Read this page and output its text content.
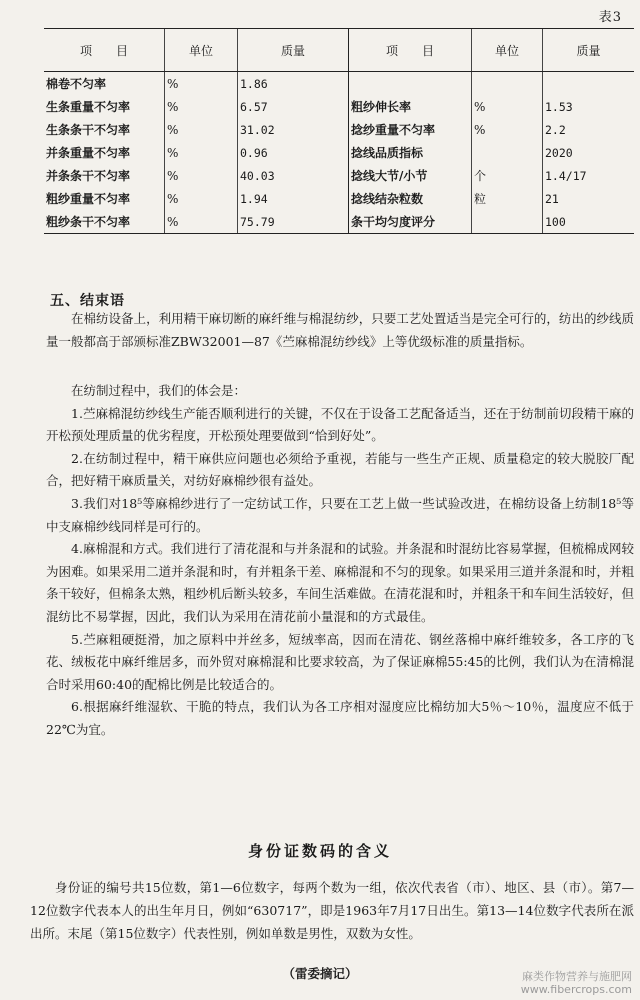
表3
项　　目	单位	质量	项　　目	单位	质量
棉卷不匀率	%	1.86			
生条重量不匀率	%	6.57	粗纱伸长率	%	1.53
生条条干不匀率	%	31.02	捻纱重量不匀率	%	2.2
并条重量不匀率	%	0.96	捻线品质指标		2020
并条条干不匀率	%	40.03	捻线大节/小节	个	1.4/17
粗纱重量不匀率	%	1.94	捻线结杂粒数	粒	21
粗纱条干不匀率	%	75.79	条干均匀度评分		100
五、结束语

在棉纺设备上，利用精干麻切断的麻纤维与棉混纺纱，只要工艺处置适当是完全可行的，纺出的纱线质量一般都高于部颁标准ZBW32001—87《苎麻棉混纺纱线》上等优级标准的质量指标。

在纺制过程中，我们的体会是：

1.苎麻棉混纺纱线生产能否顺利进行的关键，不仅在于设备工艺配备适当，还在于纺制前切段精干麻的开松预处理质量的优劣程度，开松预处理要做到“恰到好处”。

2.在纺制过程中，精干麻供应问题也必须给予重视，若能与一些生产正规、质量稳定的较大脱胶厂配合，把好精干麻质量关，对纺好麻棉纱很有益处。

3.我们对18⁵等麻棉纱进行了一定纺试工作，只要在工艺上做一些试验改进，在棉纺设备上纺制18⁵等中支麻棉纱线同样是可行的。

4.麻棉混和方式。我们进行了清花混和与并条混和的试验。并条混和时混纺比容易掌握，但梳棉成网较为困难。如果采用二道并条混和时，有并粗条干差、麻棉混和不匀的现象。如果采用三道并条混和时，并粗条干较好，但棉条太熟，粗纱机后断头较多，车间生活难做。在清花混和时，并粗条干和车间生活较好，但混纺比不易掌握，因此，我们认为采用在清花前小量混和的方式最佳。

5.苎麻粗硬挺滑，加之原料中并丝多，短绒率高，因而在清花、钢丝落棉中麻纤维较多，各工序的飞花、绒板花中麻纤维居多，而外贸对麻棉混和比要求较高，为了保证麻棉55:45的比例，我们认为在清棉混合时采用60:40的配棉比例是比较适合的。

6.根据麻纤维湿软、干脆的特点，我们认为各工序相对湿度应比棉纺加大5％～10％，温度应不低于22℃为宜。

身份证数码的含义

身份证的编号共15位数，第1—6位数字，每两个数为一组，依次代表省（市）、地区、县（市）。第7—12位数字代表本人的出生年月日，例如“630717”，即是1963年7月17日出生。第13—14位数字代表所在派出所。末尾（第15位数字）代表性别，例如单数是男性，双数为女性。

（雷委摘记）	麻类作物营养与施肥网
www.fibercrops.com
